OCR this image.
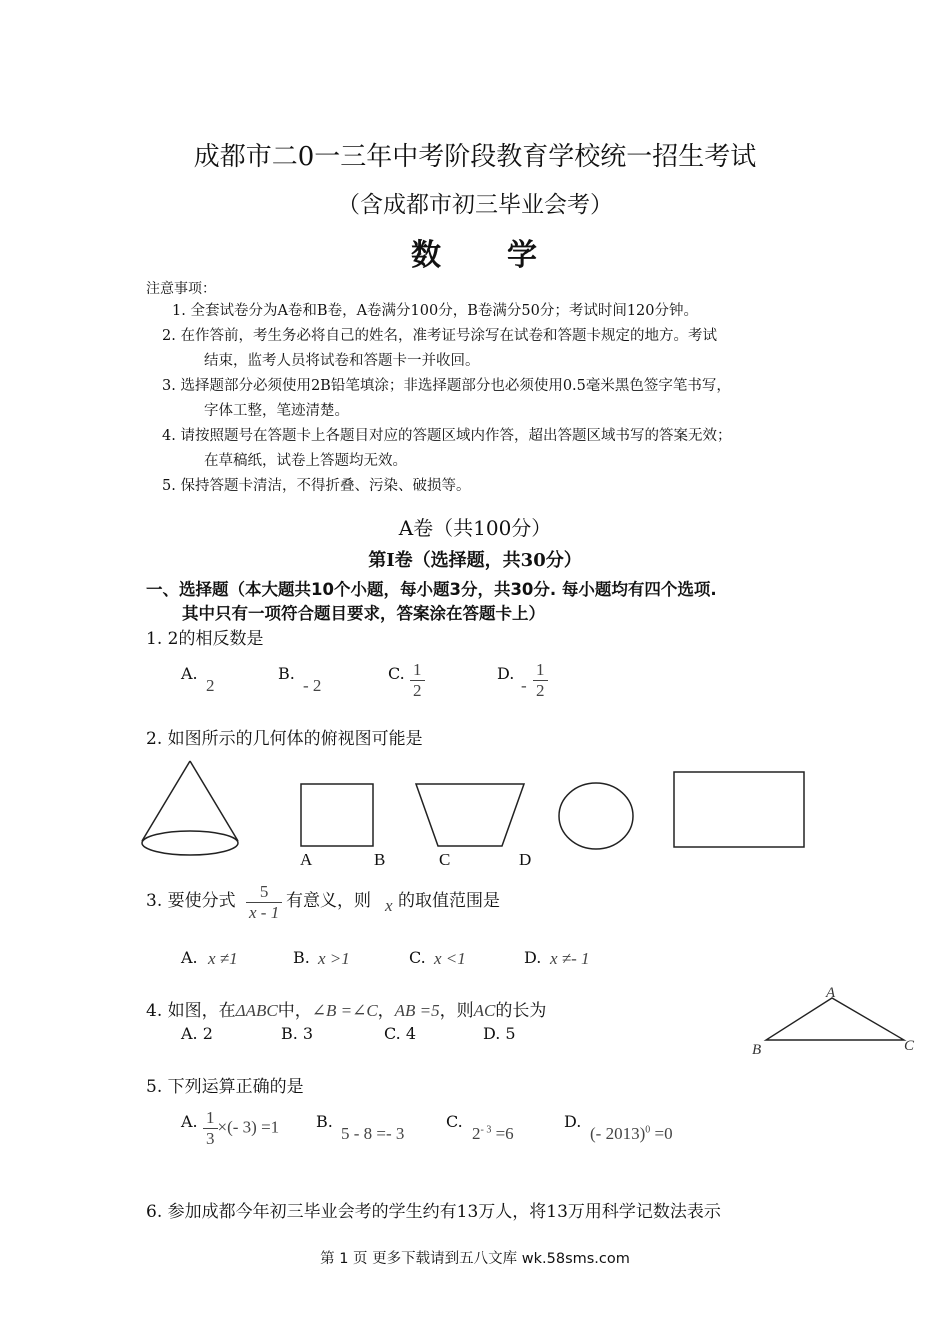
成都市二0一三年中考阶段教育学校统一招生考试
（含成都市初三毕业会考）
数　　学
注意事项：
1. 全套试卷分为A卷和B卷，A卷满分100分，B卷满分50分；考试时间120分钟。
2. 在作答前，考生务必将自己的姓名，准考证号涂写在试卷和答题卡规定的地方。考试
结束，监考人员将试卷和答题卡一并收回。
3. 选择题部分必须使用2B铅笔填涂；非选择题部分也必须使用0.5毫米黑色签字笔书写，
字体工整，笔迹清楚。
4. 请按照题号在答题卡上各题目对应的答题区域内作答，超出答题区域书写的答案无效；
在草稿纸，试卷上答题均无效。
5. 保持答题卡清洁，不得折叠、污染、破损等。
A卷（共100分）
第Ⅰ卷（选择题，共30分）
一、选择题（本大题共10个小题，每小题3分，共30分. 每小题均有四个选项.
其中只有一项符合题目要求，答案涂在答题卡上）
1. 2的相反数是
A.
2
B.
- 2
C. $\frac{1}{2}$	D.
- $\frac{1}{2}$
2. 如图所示的几何体的俯视图可能是
A	B	C	D
3. 要使分式 $\frac{5}{x - 1}$ 有意义，则 x 的取值范围是
A. x ≠1	B. x >1	C. x <1	D. x ≠- 1
4. 如图，在ΔABC中，∠B =∠C，AB =5，则AC的长为
A. 2	B. 3	C. 4	D. 5
A
B	C
5. 下列运算正确的是
A. $\frac{1}{3}$ ×(- 3) =1 B.
5 - 8 =- 3
C.
$2^{- 3} =6$
D.
(- 2013)$^0$ =0
6. 参加成都今年初三毕业会考的学生约有13万人，将13万用科学记数法表示
第 1 页 更多下载请到五八文库 wk.58sms.com
